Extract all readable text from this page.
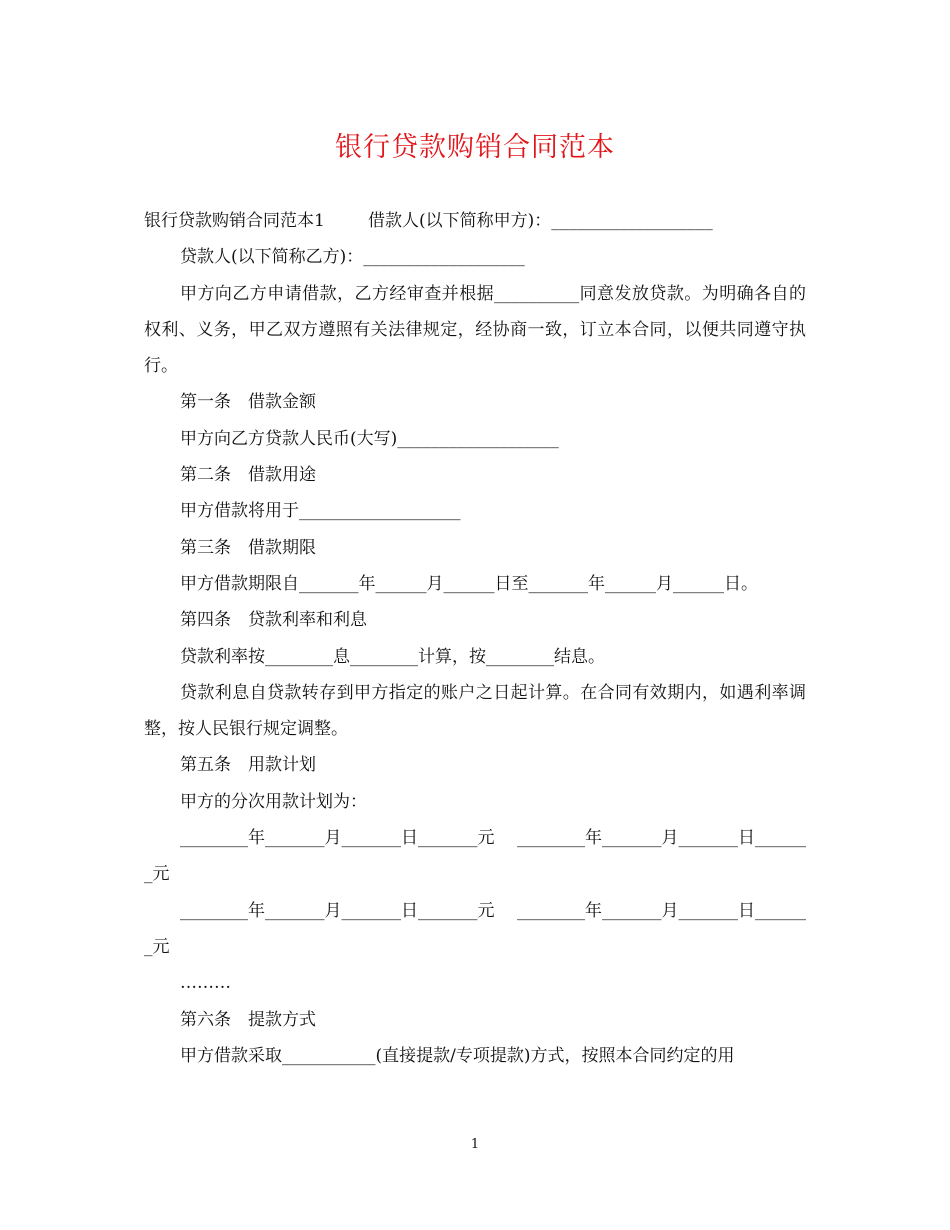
银行贷款购销合同范本

银行贷款购销合同范本1        借款人(以下简称甲方)：___________________

贷款人(以下简称乙方)：___________________

甲方向乙方申请借款，乙方经审查并根据__________同意发放贷款。为明确各自的权利、义务，甲乙双方遵照有关法律规定，经协商一致，订立本合同，以便共同遵守执行。

第一条　借款金额

甲方向乙方贷款人民币(大写)___________________

第二条　借款用途

甲方借款将用于___________________

第三条　借款期限

甲方借款期限自_______年______月______日至_______年______月______日。

第四条　贷款利率和利息

贷款利率按________息________计算，按________结息。

贷款利息自贷款转存到甲方指定的账户之日起计算。在合同有效期内，如遇利率调整，按人民银行规定调整。

第五条　用款计划

甲方的分次用款计划为：

________年_______月_______日_______元　 ________年_______月_______日_______元

________年_______月_______日_______元　 ________年_______月_______日_______元

………

第六条　提款方式

甲方借款采取___________(直接提款/专项提款)方式，按照本合同约定的用

1
